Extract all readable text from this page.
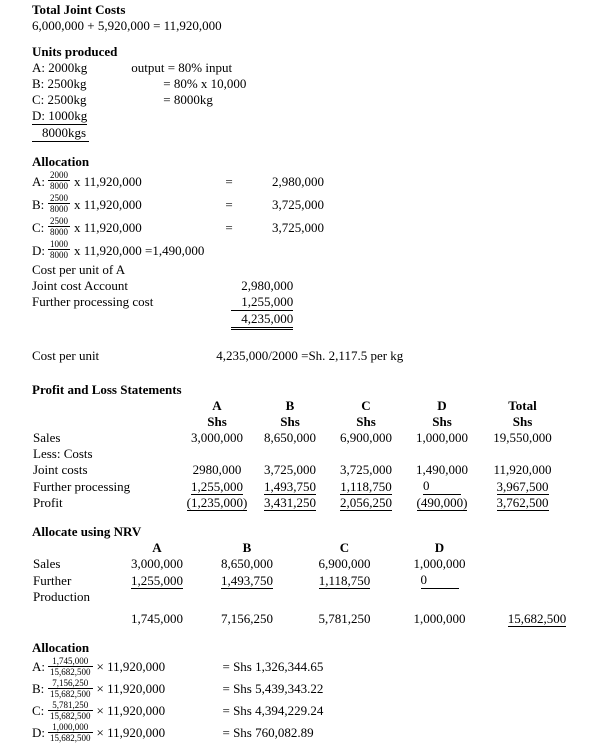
Total Joint Costs
6,000,000 + 5,920,000 = 11,920,000
Units produced
A: 2000kg	output = 80% input
B: 2500kg	= 80% x 10,000
C: 2500kg	= 8000kg
D: 1000kg
8000kgs
Allocation
A: $\frac{2000}{8000}$ x 11,920,000	=	2,980,000
B: $\frac{2500}{8000}$ x 11,920,000	=	3,725,000
C: $\frac{2500}{8000}$ x 11,920,000	=	3,725,000
D: $\frac{1000}{8000}$ x 11,920,000 =1,490,000
Cost per unit of A
Joint cost Account	2,980,000
Further processing cost	1,255,000
4,235,000
Cost per unit	4,235,000/2000 =Sh. 2,117.5 per kg
Profit and Loss Statements
	A	B	C	D	Total
	Shs	Shs	Shs	Shs	Shs
Sales	3,000,000	8,650,000	6,900,000	1,000,000	19,550,000
Less: Costs					
Joint costs	2980,000	3,725,000	3,725,000	1,490,000	11,920,000
Further processing	1,255,000	1,493,750	1,118,750	0	3,967,500
Profit	(1,235,000)	3,431,250	2,056,250	(490,000)	3,762,500
Allocate using NRV
	A	B	C	D	
Sales	3,000,000	8,650,000	6,900,000	1,000,000	
Further	1,255,000	1,493,750	1,118,750	0	
Production					

	1,745,000	7,156,250	5,781,250	1,000,000	15,682,500
Allocation
A: $\frac{1,745,000}{15,682,500} \times 11,920,000$	= Shs 1,326,344.65
B: $\frac{7,156,250}{15,682,500} \times 11,920,000$	= Shs 5,439,343.22
C: $\frac{5,781,250}{15,682,500} \times 11,920,000$	= Shs 4,394,229.24
D: $\frac{1,000,000}{15,682,500} \times 11,920,000$	= Shs 760,082.89
